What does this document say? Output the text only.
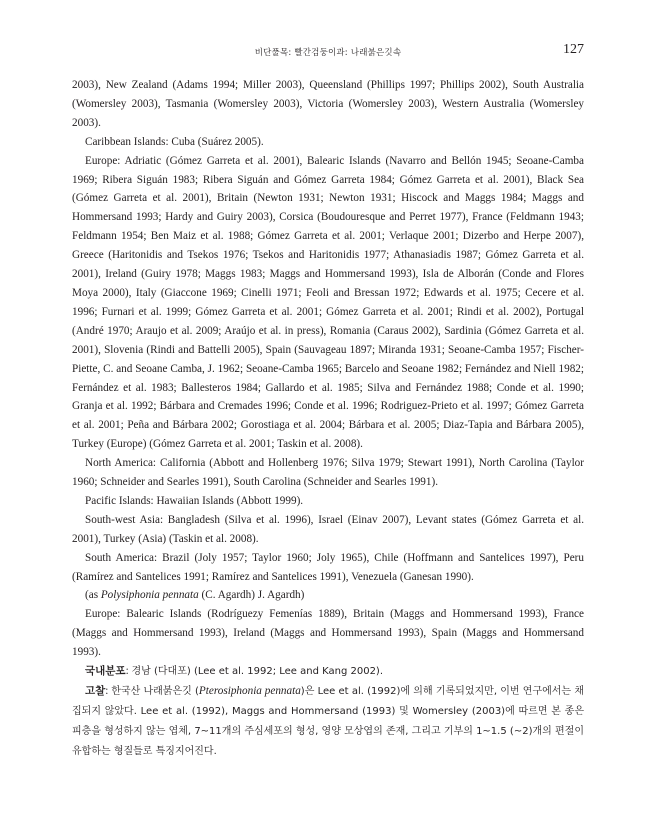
비단풀목: 빨간검둥이과: 나래붉은깃속	127

2003), New Zealand (Adams 1994; Miller 2003), Queensland (Phillips 1997; Phillips 2002), South Australia (Womersley 2003), Tasmania (Womersley 2003), Victoria (Womersley 2003), Western Australia (Womersley 2003).

Caribbean Islands: Cuba (Suárez 2005).

Europe: Adriatic (Gómez Garreta et al. 2001), Balearic Islands (Navarro and Bellón 1945; Seoane-Camba 1969; Ribera Siguán 1983; Ribera Siguán and Gómez Garreta 1984; Gómez Garreta et al. 2001), Black Sea (Gómez Garreta et al. 2001), Britain (Newton 1931; Newton 1931; Hiscock and Maggs 1984; Maggs and Hommersand 1993; Hardy and Guiry 2003), Corsica (Boudouresque and Perret 1977), France (Feldmann 1943; Feldmann 1954; Ben Maiz et al. 1988; Gómez Garreta et al. 2001; Verlaque 2001; Dizerbo and Herpe 2007), Greece (Haritonidis and Tsekos 1976; Tsekos and Haritonidis 1977; Athanasiadis 1987; Gómez Garreta et al. 2001), Ireland (Guiry 1978; Maggs 1983; Maggs and Hommersand 1993), Isla de Alborán (Conde and Flores Moya 2000), Italy (Giaccone 1969; Cinelli 1971; Feoli and Bressan 1972; Edwards et al. 1975; Cecere et al. 1996; Furnari et al. 1999; Gómez Garreta et al. 2001; Gómez Garreta et al. 2001; Rindi et al. 2002), Portugal (André 1970; Araujo et al. 2009; Araújo et al. in press), Romania (Caraus 2002), Sardinia (Gómez Garreta et al. 2001), Slovenia (Rindi and Battelli 2005), Spain (Sauvageau 1897; Miranda 1931; Seoane-Camba 1957; Fischer-Piette, C. and Seoane Camba, J. 1962; Seoane-Camba 1965; Barcelo and Seoane 1982; Fernández and Niell 1982; Fernández et al. 1983; Ballesteros 1984; Gallardo et al. 1985; Silva and Fernández 1988; Conde et al. 1990; Granja et al. 1992; Bárbara and Cremades 1996; Conde et al. 1996; Rodriguez-Prieto et al. 1997; Gómez Garreta et al. 2001; Peña and Bárbara 2002; Gorostiaga et al. 2004; Bárbara et al. 2005; Diaz-Tapia and Bárbara 2005), Turkey (Europe) (Gómez Garreta et al. 2001; Taskin et al. 2008).

North America: California (Abbott and Hollenberg 1976; Silva 1979; Stewart 1991), North Carolina (Taylor 1960; Schneider and Searles 1991), South Carolina (Schneider and Searles 1991).

Pacific Islands: Hawaiian Islands (Abbott 1999).

South-west Asia: Bangladesh (Silva et al. 1996), Israel (Einav 2007), Levant states (Gómez Garreta et al. 2001), Turkey (Asia) (Taskin et al. 2008).

South America: Brazil (Joly 1957; Taylor 1960; Joly 1965), Chile (Hoffmann and Santelices 1997), Peru (Ramírez and Santelices 1991; Ramírez and Santelices 1991), Venezuela (Ganesan 1990).

(as Polysiphonia pennata (C. Agardh) J. Agardh)

Europe: Balearic Islands (Rodríguezy Femenías 1889), Britain (Maggs and Hommersand 1993), France (Maggs and Hommersand 1993), Ireland (Maggs and Hommersand 1993), Spain (Maggs and Hommersand 1993).

국내분포: 경남 (다대포) (Lee et al. 1992; Lee and Kang 2002).

고찰: 한국산 나래붉은깃 (Pterosiphonia pennata)은 Lee et al. (1992)에 의해 기록되었지만, 이번 연구에서는 채집되지 않았다. Lee et al. (1992), Maggs and Hommersand (1993) 및 Womersley (2003)에 따르면 본 종은 피층을 형성하지 않는 엽체, 7~11개의 주심세포의 형성, 영양 모상엽의 존재, 그리고 기부의 1~1.5 (~2)개의 편절이 유합하는 형질들로 특징지어진다.
